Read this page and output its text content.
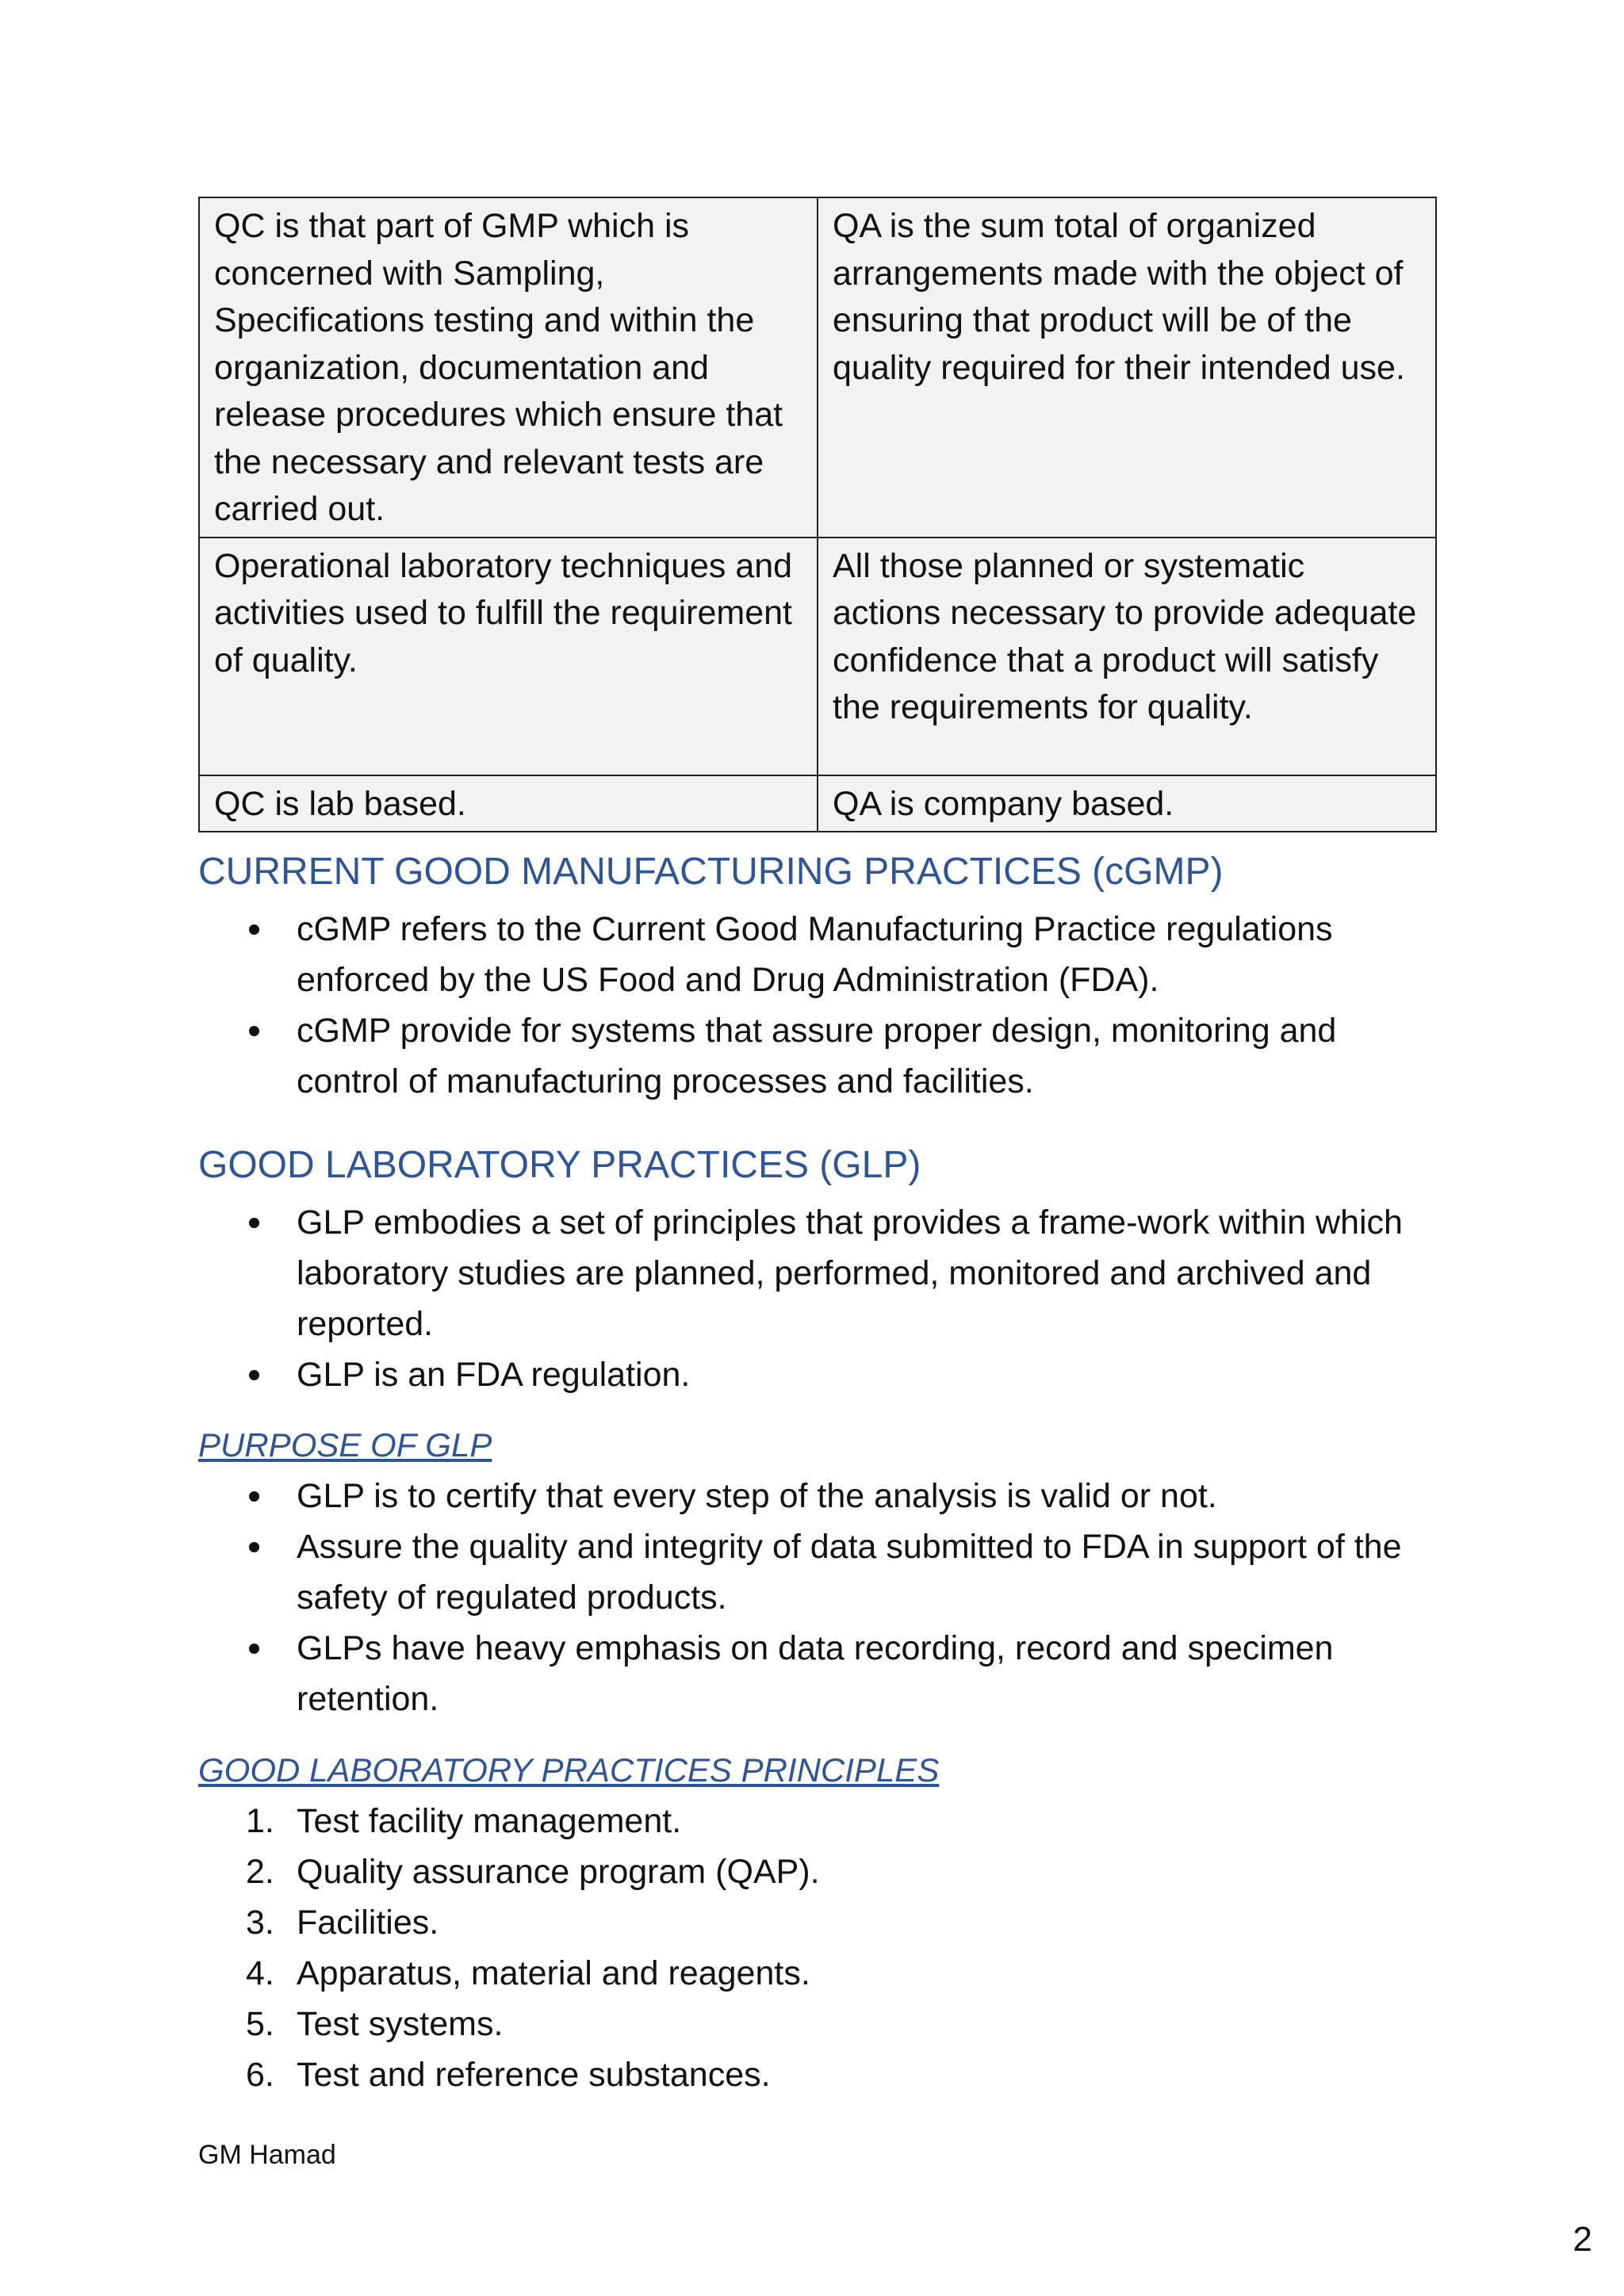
QC is that part of GMP which is concerned with Sampling, Specifications testing and within the organization, documentation and release procedures which ensure that the necessary and relevant tests are carried out.	QA is the sum total of organized arrangements made with the object of ensuring that product will be of the quality required for their intended use.
Operational laboratory techniques and activities used to fulfill the requirement of quality.	All those planned or systematic actions necessary to provide adequate confidence that a product will satisfy the requirements for quality.
QC is lab based.	QA is company based.
CURRENT GOOD MANUFACTURING PRACTICES (cGMP)
cGMP refers to the Current Good Manufacturing Practice regulations enforced by the US Food and Drug Administration (FDA).
cGMP provide for systems that assure proper design, monitoring and control of manufacturing processes and facilities.
GOOD LABORATORY PRACTICES (GLP)
GLP embodies a set of principles that provides a frame-work within which laboratory studies are planned, performed, monitored and archived and reported.
GLP is an FDA regulation.
PURPOSE OF GLP
GLP is to certify that every step of the analysis is valid or not.
Assure the quality and integrity of data submitted to FDA in support of the safety of regulated products.
GLPs have heavy emphasis on data recording, record and specimen retention.
GOOD LABORATORY PRACTICES PRINCIPLES
1. Test facility management.
2. Quality assurance program (QAP).
3. Facilities.
4. Apparatus, material and reagents.
5. Test systems.
6. Test and reference substances.
GM Hamad
2
